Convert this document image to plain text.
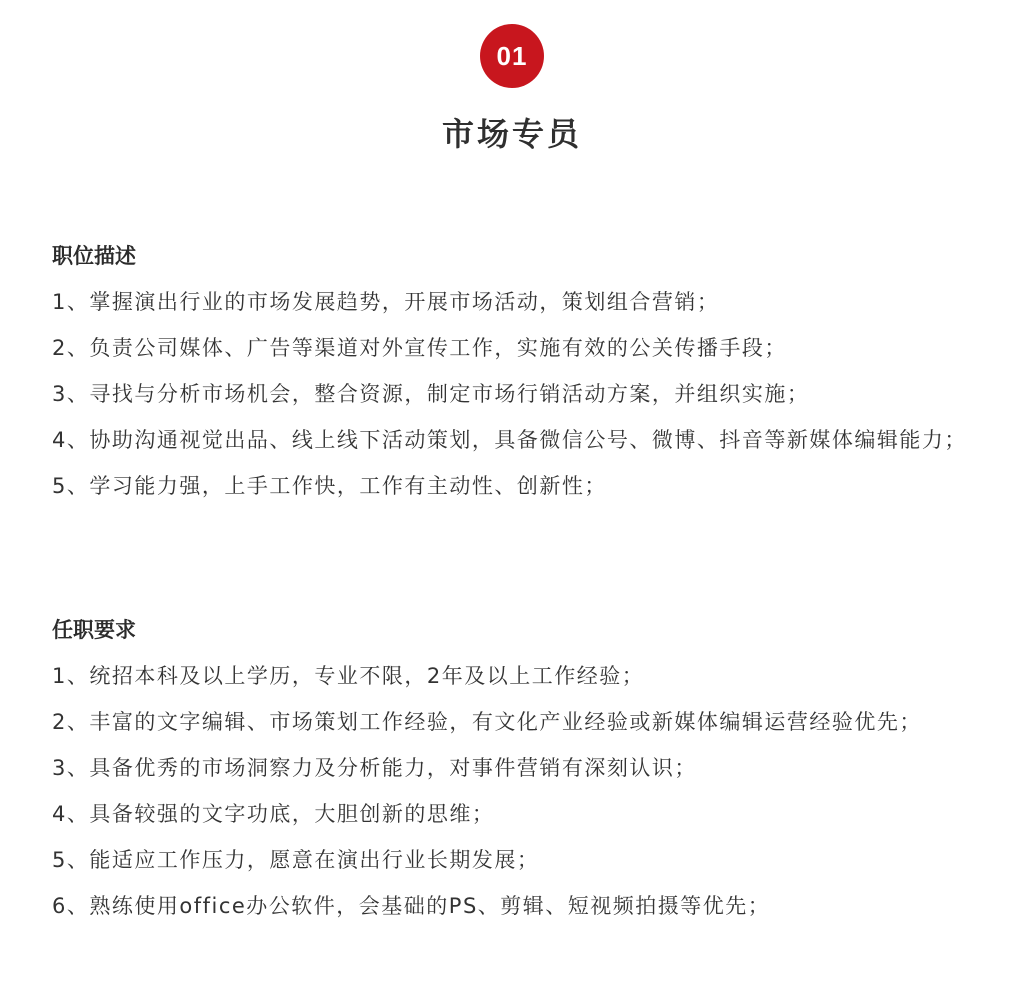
01
市场专员
职位描述
1、掌握演出行业的市场发展趋势，开展市场活动，策划组合营销；
2、负责公司媒体、广告等渠道对外宣传工作，实施有效的公关传播手段；
3、寻找与分析市场机会，整合资源，制定市场行销活动方案，并组织实施；
4、协助沟通视觉出品、线上线下活动策划，具备微信公号、微博、抖音等新媒体编辑能力；
5、学习能力强，上手工作快，工作有主动性、创新性；
任职要求
1、统招本科及以上学历，专业不限，2年及以上工作经验；
2、丰富的文字编辑、市场策划工作经验，有文化产业经验或新媒体编辑运营经验优先；
3、具备优秀的市场洞察力及分析能力，对事件营销有深刻认识；
4、具备较强的文字功底，大胆创新的思维；
5、能适应工作压力，愿意在演出行业长期发展；
6、熟练使用office办公软件，会基础的PS、剪辑、短视频拍摄等优先；
